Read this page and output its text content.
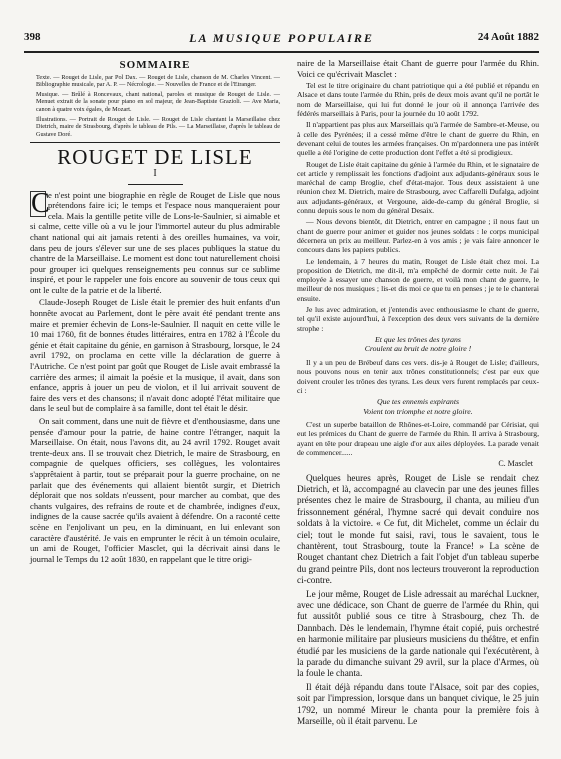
398	LA MUSIQUE POPULAIRE	24 Août 1882
SOMMAIRE

Texte. — Rouget de Lisle, par Pol Dax. — Rouget de Lisle, chanson de M. Charles Vincent. — Bibliographie musicale, par A. P. — Nécrologie. — Nouvelles de France et de l'Etranger.

Musique. — Brûlé à Roncevaux, chant national, paroles et musique de Rouget de Lisle. — Menuet extrait de la sonate pour piano en sol majeur, de Jean-Baptiste Grazioli. — Ave Maria, canon à quatre voix égales, de Mozart.

Illustrations. — Portrait de Rouget de Lisle. — Rouget de Lisle chantant la Marseillaise chez Dietrich, maire de Strasbourg, d'après le tableau de Pils. — La Marseillaise, d'après le tableau de Gustave Doré.

ROUGET DE LISLE
I

C
e n'est point une biographie en règle de Rouget de Lisle que nous prétendons faire ici; le temps et l'espace nous manqueraient pour cela. Mais la gentille petite ville de Lons-le-Saulnier, si aimable et si calme, cette ville où a vu le jour l'immortel auteur du plus admirable chant national qui ait jamais retenti à des oreilles humaines, va voir, dans peu de jours s'élever sur une de ses places publiques la statue du chantre de la Marseillaise. Le moment est donc tout naturellement choisi pour grouper ici quelques renseignements peu connus sur ce sublime inspiré, et pour le rappeler une fois encore au souvenir de tous ceux qui ont le culte de la patrie et de la liberté.

Claude-Joseph Rouget de Lisle était le premier des huit enfants d'un honnête avocat au Parlement, dont le père avait été pendant trente ans maire et premier échevin de Lons-le-Saulnier. Il naquit en cette ville le 10 mai 1760, fit de bonnes études littéraires, entra en 1782 à l'École du génie et était capitaine du génie, en garnison à Strasbourg, lorsque, le 24 avril 1792, on proclama en cette ville la déclaration de guerre à l'Autriche. Ce n'est point par goût que Rouget de Lisle avait embrassé la carrière des armes; il aimait la poésie et la musique, il avait, dans son enfance, appris à jouer un peu de violon, et il lui arrivait souvent de faire des vers et des chansons; il n'avait donc adopté l'état militaire que dans le seul but de complaire à sa famille, dont tel était le désir.

On sait comment, dans une nuit de fièvre et d'enthousiasme, dans une pensée d'amour pour la patrie, de haine contre l'étranger, naquit la Marseillaise. On était, nous l'avons dit, au 24 avril 1792. Rouget avait trente-deux ans. Il se trouvait chez Dietrich, le maire de Strasbourg, en compagnie de quelques officiers, ses collègues, les volontaires s'apprêtaient à partir, tout se préparait pour la guerre prochaine, on ne parlait que des événements qui allaient bientôt surgir, et Dietrich déplorait que nos soldats n'eussent, pour marcher au combat, que des chants vulgaires, des refrains de route et de chambrée, indignes d'eux, indignes de la cause sacrée qu'ils avaient à défendre. On a raconté cette scène en l'enjolivant un peu, en la diminuant, en lui enlevant son caractère d'austérité. Je vais en emprunter le récit à un témoin oculaire, un ami de Rouget, l'officier Masclet, qui la décrivait ainsi dans le journal le Temps du 12 août 1830, en rappelant que le titre origi-

naire de la Marseillaise était Chant de guerre pour l'armée du Rhin. Voici ce qu'écrivait Masclet :

Tel est le titre originaire du chant patriotique qui a été publié et répandu en Alsace et dans toute l'armée du Rhin, près de deux mois avant qu'il ne portât le nom de Marseillaise, qui lui fut donné le jour où il annonça l'arrivée des fédérés marseillais à Paris, pour la journée du 10 août 1792.

Il n'appartient pas plus aux Marseillais qu'à l'armée de Sambre-et-Meuse, ou à celle des Pyrénées; il a cessé même d'être le chant de guerre du Rhin, en devenant celui de toutes les armées françaises. On m'pardonnera une pas intérêt quelle a été l'origine de cette production dont l'effet a été si prodigieux.

Rouget de Lisle était capitaine du génie à l'armée du Rhin, et le signataire de cet article y remplissait les fonctions d'adjoint aux adjudants-généraux sous le maréchal de camp Broglie, chef d'état-major. Tous deux assistaient à une réunion chez M. Dietrich, maire de Strasbourg, avec Caffarelli Dufalga, adjoint aux adjudants-généraux, et Vergoune, aide-de-camp du général Broglie, si connu depuis sous le nom du général Desaix.

— Nous devons bientôt, dit Dietrich, entrer en campagne ; il nous faut un chant de guerre pour animer et guider nos jeunes soldats : le corps municipal décernera un prix au meilleur. Parlez-en à vos amis ; je vais faire annoncer le concours dans les papiers publics.

Le lendemain, à 7 heures du matin, Rouget de Lisle était chez moi. La proposition de Dietrich, me dit-il, m'a empêché de dormir cette nuit. Je l'ai employée à essayer une chanson de guerre, et voilà mon chant de guerre, le meilleur de nos musiques ; lis-et dis moi ce que tu en penses ; je te le chanterai ensuite.

Je lus avec admiration, et j'entendis avec enthousiasme le chant de guerre, tel qu'il existe aujourd'hui, à l'exception des deux vers suivants de la dernière strophe :

Et que les trônes des tyrans
Croulent au bruit de notre gloire !

Il y a un peu de Brébeuf dans ces vers. dis-je à Rouget de Lisle; d'ailleurs, nous pouvons nous en tenir aux trônes constitutionnels; c'est par eux que doivent crouler les trônes des tyrans. Les deux vers furent remplacés par ceux-ci :

Que tes ennemis expirants
Voient ton triomphe et notre gloire.

C'est un superbe bataillon de Rhônes-et-Loire, commandé par Cérisiat, qui eut les prémices du Chant de guerre de l'armée du Rhin. Il arriva à Strasbourg, ayant en tête pour drapeau une aigle d'or aux ailes déployées. La parade venait de commencer......

C. Masclet

Quelques heures après, Rouget de Lisle se rendait chez Dietrich, et là, accompagné au clavecin par une des jeunes filles présentes chez le maire de Strasbourg, il chanta, au milieu d'un frissonnement général, l'hymne sacré qui devait conduire nos soldats à la victoire. « Ce fut, dit Michelet, comme un éclair du ciel; tout le monde fut saisi, ravi, tous le savaient, tous le chantèrent, tout Strasbourg, toute la France! » La scène de Rouget chantant chez Dietrich a fait l'objet d'un tableau superbe du grand peintre Pils, dont nos lecteurs trouveront la reproduction ci-contre.

Le jour même, Rouget de Lisle adressait au maréchal Luckner, avec une dédicace, son Chant de guerre de l'armée du Rhin, qui fut aussitôt publié sous ce titre à Strasbourg, chez Th. de Dannbach. Dès le lendemain, l'hymne était copié, puis orchestré en harmonie militaire par plusieurs musiciens du théâtre, et enfin étudié par les musiciens de la garde nationale qui l'exécutèrent, à la parade du dimanche suivant 29 avril, sur la place d'Armes, où la foule le chanta.

Il était déjà répandu dans toute l'Alsace, soit par des copies, soit par l'impression, lorsque dans un banquet civique, le 25 juin 1792, un nommé Mireur le chanta pour la première fois à Marseille, où il était parvenu. Le
